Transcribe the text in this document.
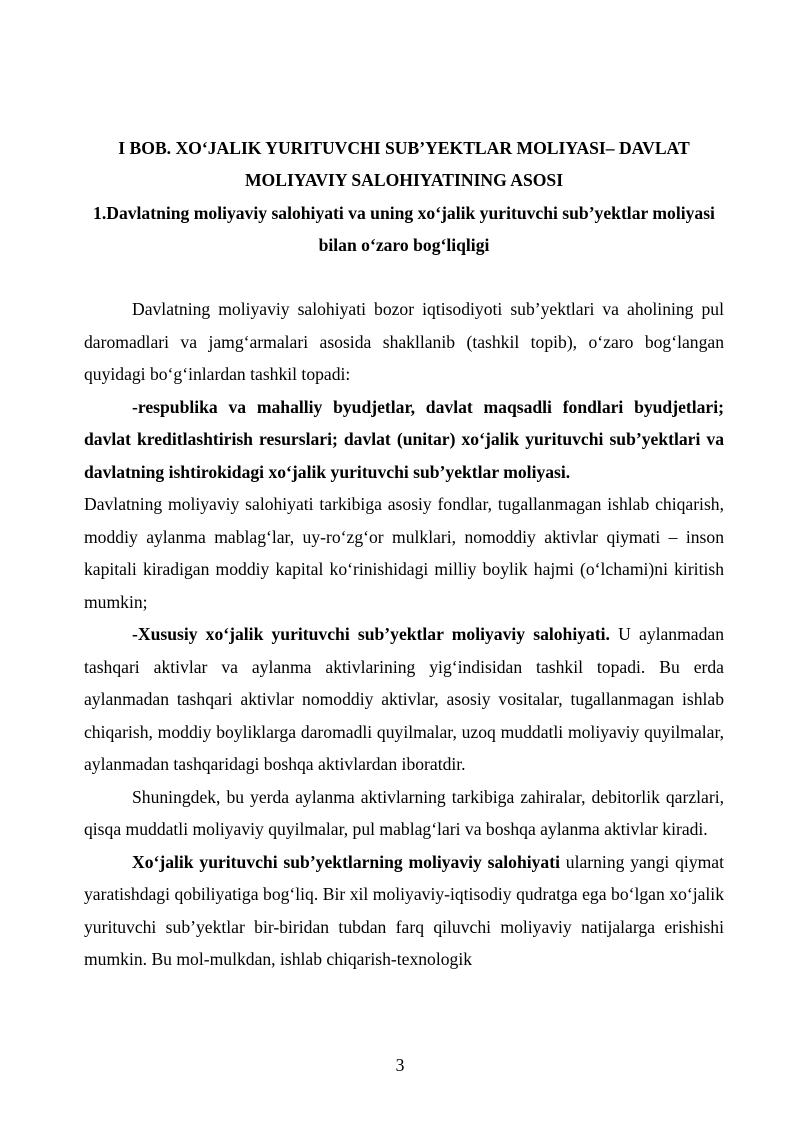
I BOB. XO‘JALIK YURITUVCHI SUB’YEKTLAR MOLIYASI– DAVLAT MOLIYAVIY SALOHIYATINING ASOSI
1.Davlatning moliyaviy salohiyati va uning xo‘jalik yurituvchi sub’yektlar moliyasi bilan o‘zaro bog‘liqligi

Davlatning moliyaviy salohiyati bozor iqtisodiyoti sub’yektlari va aholining pul daromadlari va jamg‘armalari asosida shakllanib (tashkil topib), o‘zaro bog‘langan quyidagi bo‘g‘inlardan tashkil topadi:

-respublika va mahalliy byudjetlar, davlat maqsadli fondlari byudjetlari; davlat kreditlashtirish resurslari; davlat (unitar) xo‘jalik yurituvchi sub’yektlari va davlatning ishtirokidagi xo‘jalik yurituvchi sub’yektlar moliyasi.

Davlatning moliyaviy salohiyati tarkibiga asosiy fondlar, tugallanmagan ishlab chiqarish, moddiy aylanma mablag‘lar, uy-ro‘zg‘or mulklari, nomoddiy aktivlar qiymati – inson kapitali kiradigan moddiy kapital ko‘rinishidagi milliy boylik hajmi (o‘lchami)ni kiritish mumkin;

-Xususiy xo‘jalik yurituvchi sub’yektlar moliyaviy salohiyati. U aylanmadan tashqari aktivlar va aylanma aktivlarining yig‘indisidan tashkil topadi. Bu erda aylanmadan tashqari aktivlar nomoddiy aktivlar, asosiy vositalar, tugallanmagan ishlab chiqarish, moddiy boyliklarga daromadli quyilmalar, uzoq muddatli moliyaviy quyilmalar, aylanmadan tashqaridagi boshqa aktivlardan iboratdir.

Shuningdek, bu yerda aylanma aktivlarning tarkibiga zahiralar, debitorlik qarzlari, qisqa muddatli moliyaviy quyilmalar, pul mablag‘lari va boshqa aylanma aktivlar kiradi.

Xo‘jalik yurituvchi sub’yektlarning moliyaviy salohiyati ularning yangi qiymat yaratishdagi qobiliyatiga bog‘liq. Bir xil moliyaviy-iqtisodiy qudratga ega bo‘lgan xo‘jalik yurituvchi sub’yektlar bir-biridan tubdan farq qiluvchi moliyaviy natijalarga erishishi mumkin. Bu mol-mulkdan, ishlab chiqarish-texnologik

3
